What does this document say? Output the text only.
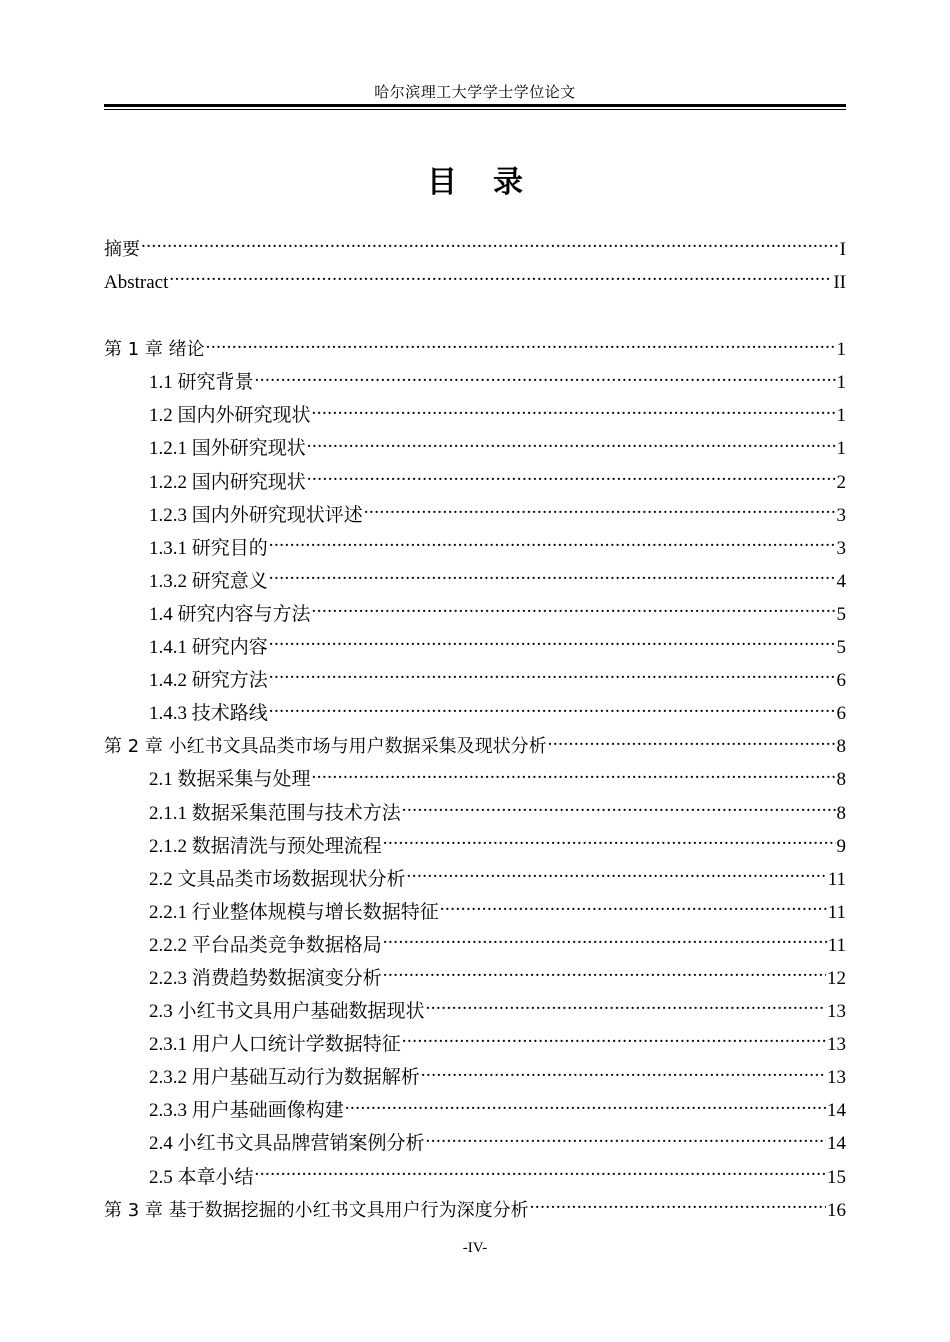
哈尔滨理工大学学士学位论文
目录
摘要 .....	I
Abstract .....	II
第 1 章 绪论 .....	1
1.1 研究背景 .....	1
1.2 国内外研究现状 .....	1
1.2.1 国外研究现状 .....	1
1.2.2 国内研究现状 .....	2
1.2.3 国内外研究现状评述 .....	3
1.3.1 研究目的 .....	3
1.3.2 研究意义 .....	4
1.4 研究内容与方法 .....	5
1.4.1 研究内容 .....	5
1.4.2 研究方法 .....	6
1.4.3 技术路线 .....	6
第 2 章 小红书文具品类市场与用户数据采集及现状分析 .....	8
2.1 数据采集与处理 .....	8
2.1.1 数据采集范围与技术方法 .....	8
2.1.2 数据清洗与预处理流程 .....	9
2.2 文具品类市场数据现状分析 .....	11
2.2.1 行业整体规模与增长数据特征 .....	11
2.2.2 平台品类竞争数据格局 .....	11
2.2.3 消费趋势数据演变分析 .....	12
2.3 小红书文具用户基础数据现状 .....	13
2.3.1 用户人口统计学数据特征 .....	13
2.3.2 用户基础互动行为数据解析 .....	13
2.3.3 用户基础画像构建 .....	14
2.4 小红书文具品牌营销案例分析 .....	14
2.5 本章小结 .....	15
第 3 章 基于数据挖掘的小红书文具用户行为深度分析 .....	16
-IV-
